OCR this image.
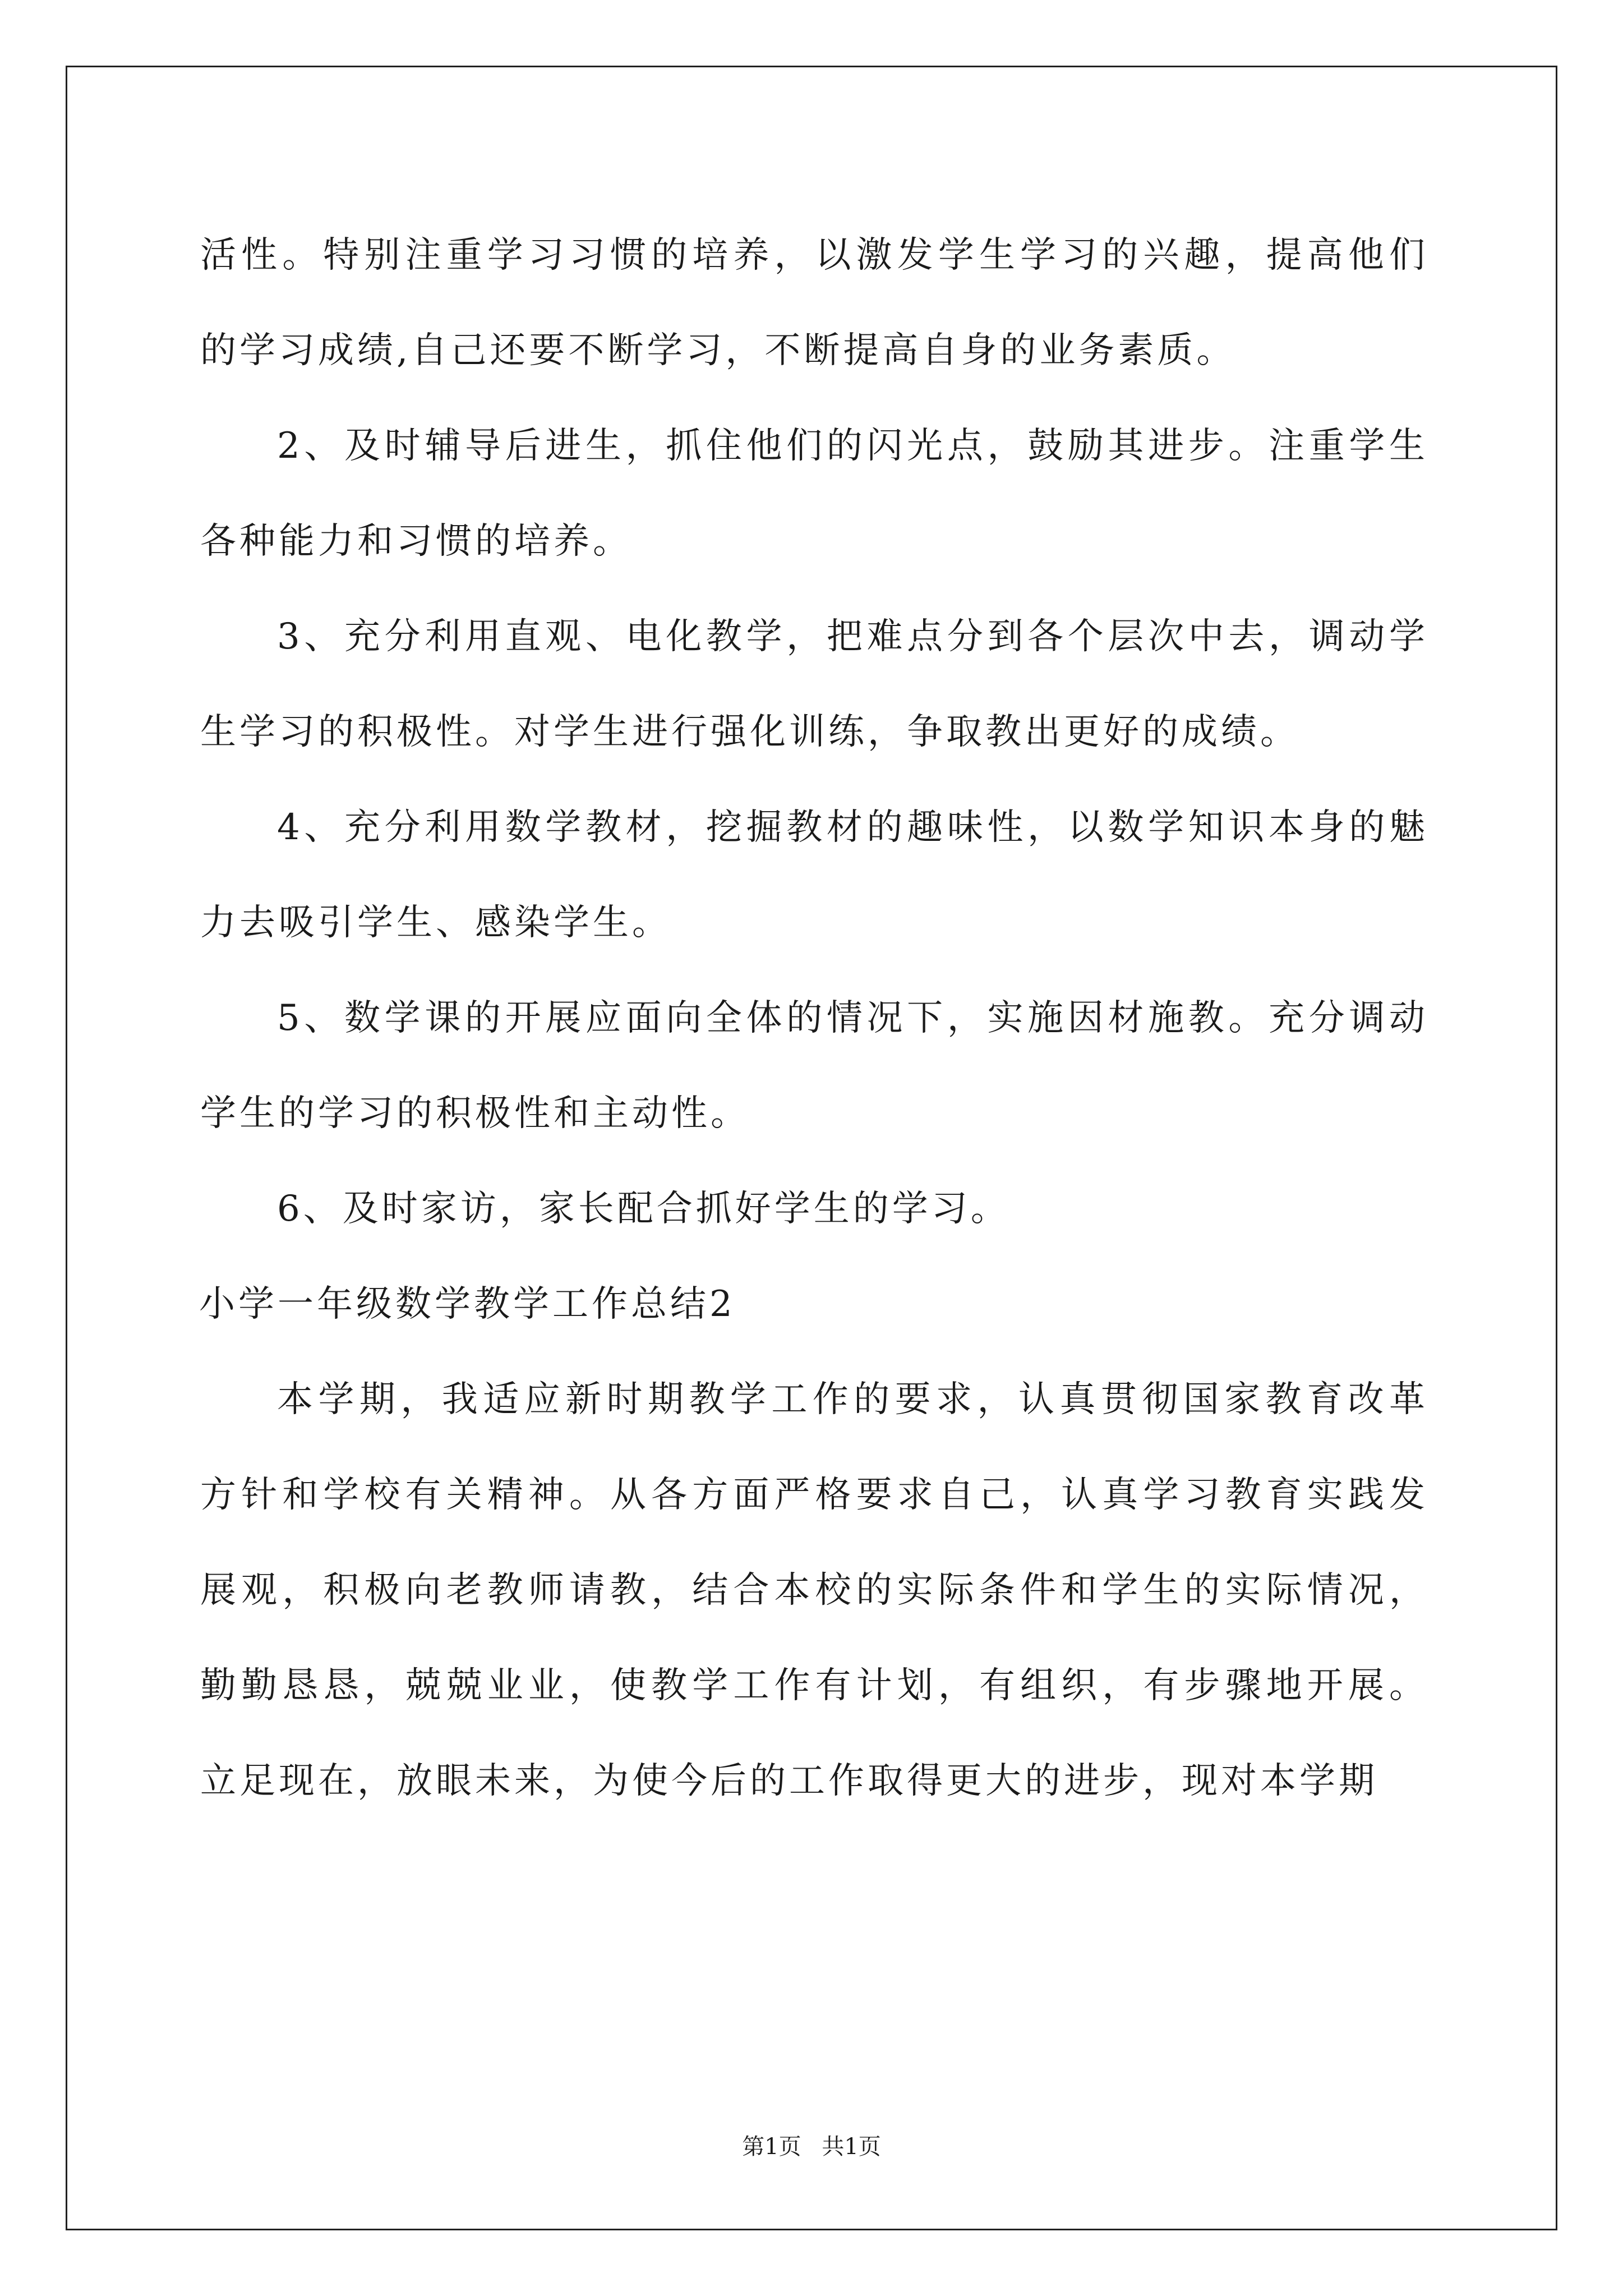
活性。特别注重学习习惯的培养，以激发学生学习的兴趣，提高他们
的学习成绩,自己还要不断学习，不断提高自身的业务素质。
2、及时辅导后进生，抓住他们的闪光点，鼓励其进步。注重学生
各种能力和习惯的培养。
3、充分利用直观、电化教学，把难点分到各个层次中去，调动学
生学习的积极性。对学生进行强化训练，争取教出更好的成绩。
4、充分利用数学教材，挖掘教材的趣味性，以数学知识本身的魅
力去吸引学生、感染学生。
5、数学课的开展应面向全体的情况下，实施因材施教。充分调动
学生的学习的积极性和主动性。
6、及时家访，家长配合抓好学生的学习。
小学一年级数学教学工作总结2
本学期，我适应新时期教学工作的要求，认真贯彻国家教育改革
方针和学校有关精神。从各方面严格要求自己，认真学习教育实践发
展观，积极向老教师请教，结合本校的实际条件和学生的实际情况，
勤勤恳恳，兢兢业业，使教学工作有计划，有组织，有步骤地开展。
立足现在，放眼未来，为使今后的工作取得更大的进步，现对本学期
第1页 共1页
